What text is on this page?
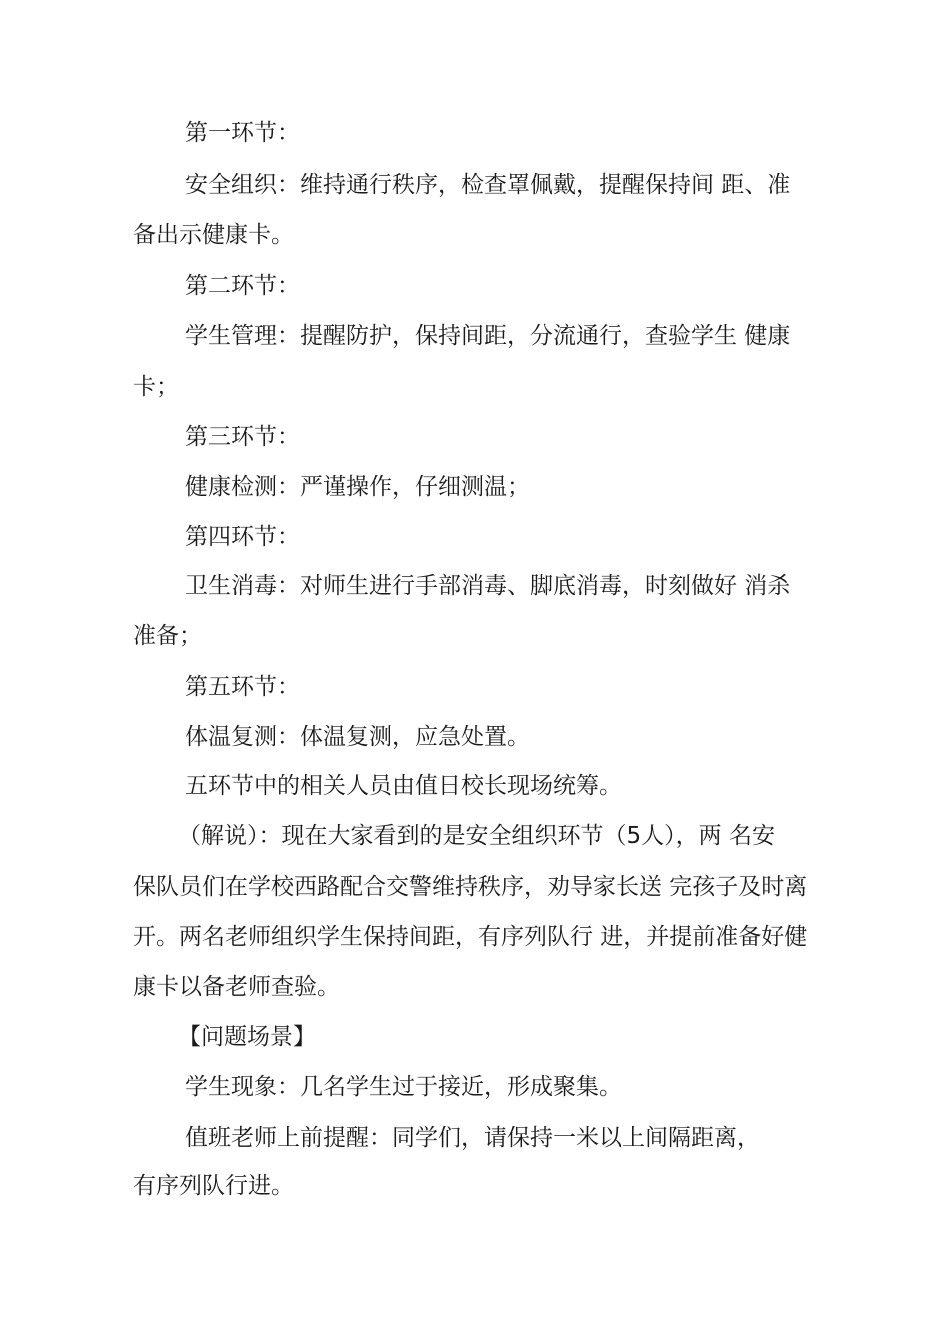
第一环节：
安全组织：维持通行秩序，检查罩佩戴，提醒保持间 距、准
备出示健康卡。
第二环节：
学生管理：提醒防护，保持间距，分流通行，查验学生 健康
卡；
第三环节：
健康检测：严谨操作，仔细测温；
第四环节：
卫生消毒：对师生进行手部消毒、脚底消毒，时刻做好 消杀
准备；
第五环节：
体温复测：体温复测，应急处置。
五环节中的相关人员由值日校长现场统筹。
（解说）：现在大家看到的是安全组织环节（5人），两 名安
保队员们在学校西路配合交警维持秩序，劝导家长送 完孩子及时离
开。两名老师组织学生保持间距，有序列队行 进，并提前准备好健
康卡以备老师查验。
【问题场景】
学生现象：几名学生过于接近，形成聚集。
值班老师上前提醒：同学们，请保持一米以上间隔距离，
有序列队行进。
